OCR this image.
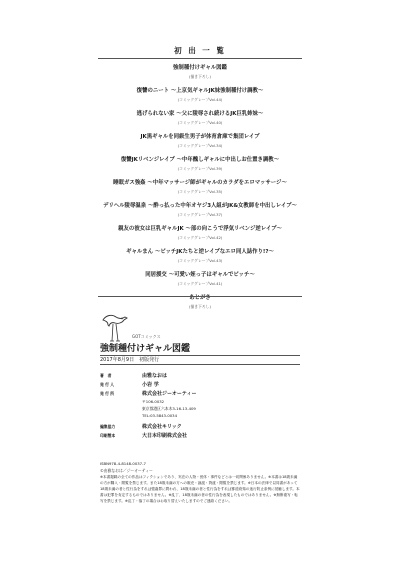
初 出 一 覧
強制種付けギャル図鑑
(描き下ろし)
復讐のニート ～上京気ギャルJK妹強制種付け調教～
(コミックグレープVol.44)
逃げられない家 ～父に陵辱され続けるJK巨乳姉妹～
(コミックグレープVol.40)
JK黒ギャルを同級生男子が体育倉庫で集団レイプ
(コミックグレープVol.34)
復讐JKリベンジレイプ ～中年醜しギャルに中出しお仕置き調教～
(コミックグレープVol.39)
睡眠ガス強姦 ～中年マッサージ師がギャルのカラダをエロマッサージ～
(コミックグレープVol.35)
デリヘル陵辱温泉 ～酔っ払った中年オヤジ3人組がJK&女教師を中出しレイプ～
(コミックグレープVol.37)
親友の彼女は巨乳ギャルJK ～部の向こうで浮気リベンジ逆レイプ～
(コミックグレープVol.42)
ギャルまん ～ビッチJKたちと逆レイプなエロ同人誌作り!?～
(コミックグレープVol.43)
同居援交 ～可愛い姪っ子はギャルでビッチ～
(コミックグレープVol.41)
あとがき
(描き下ろし)
GOTコミックス
強制種付けギャル図鑑
2017年8月9日　初版発行
著　者	由雅なおは
発 行 人	小岩 学
発 行 所	株式会社ジーオーティー
〒106-0032
東京都港区六本木3-16-13-409
TEL:03-5843-0034
編集協力	株式会社キリック
印刷製本	大日本印刷株式会社
ISBN978-4-8148-0037-7
©由雅なおは／ジーオーティー
※本書掲載の全ての作品はフィクションであり、実在の人物・団体・事件などとは一切関係ありません。※本書は18歳未満の方が購入・閲覧を禁じます。また18歳未満の方への販売・譲渡・貸渡・閲覧を禁じます。※日本の法律で以同書があって18歳未満の者と性行為をすれば強姦罪に問われ、18歳未満の者と性行為をすれば都道府県の迷行防止条例に抵触します。本書は犯罪を肯定するものではありません。※乱丁、18歳未満の者の性行為を表現したものではありません。※無断複写・転写を禁じます。※乱丁・落丁の場合はお取り替えいたしますのでご連絡ください。
